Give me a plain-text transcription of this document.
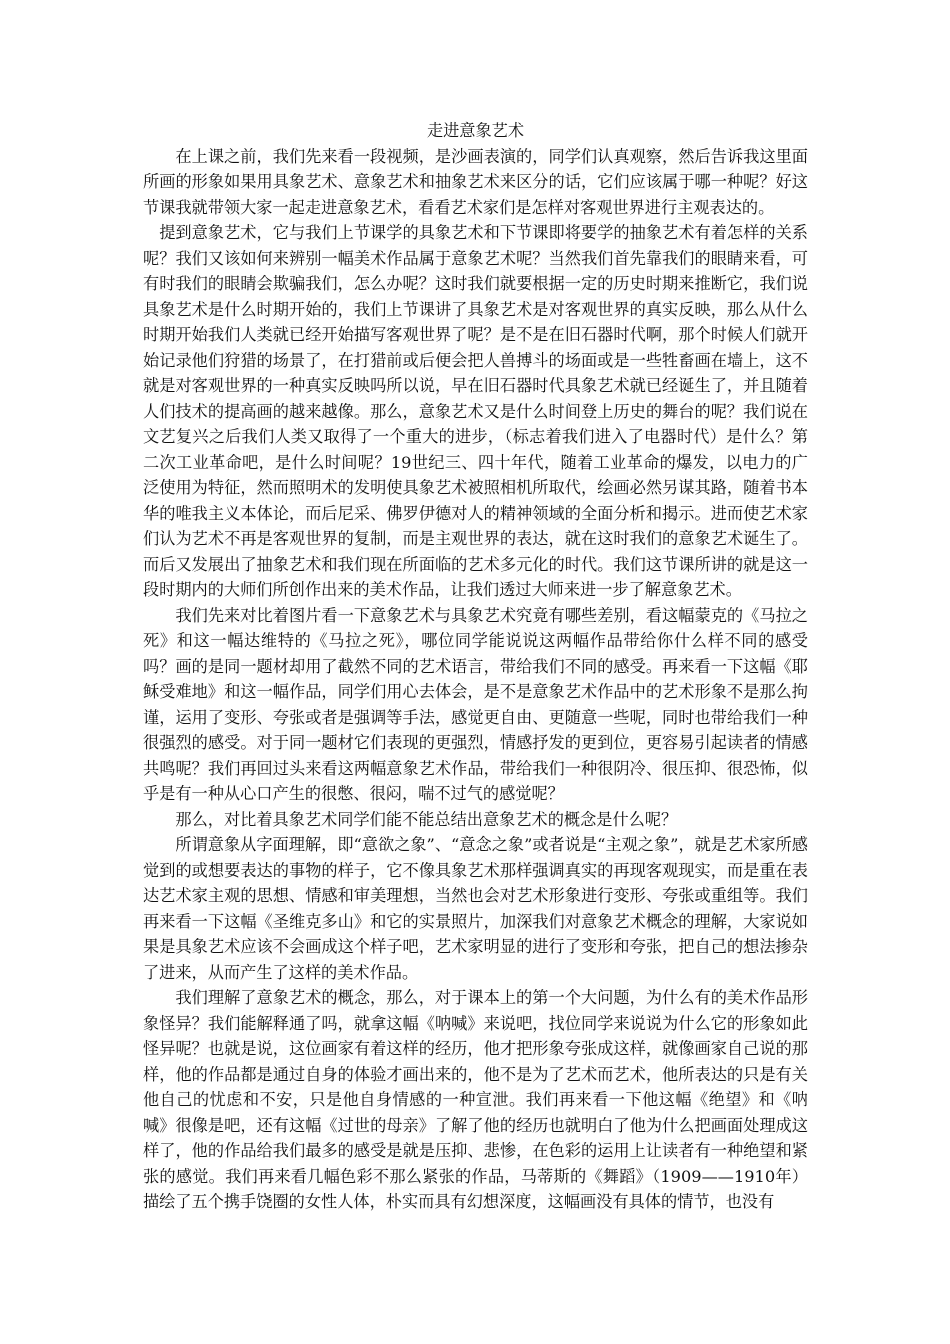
走进意象艺术

在上课之前，我们先来看一段视频，是沙画表演的，同学们认真观察，然后告诉我这里面所画的形象如果用具象艺术、意象艺术和抽象艺术来区分的话，它们应该属于哪一种呢？好这节课我就带领大家一起走进意象艺术，看看艺术家们是怎样对客观世界进行主观表达的。

提到意象艺术，它与我们上节课学的具象艺术和下节课即将要学的抽象艺术有着怎样的关系呢？我们又该如何来辨别一幅美术作品属于意象艺术呢？当然我们首先靠我们的眼睛来看，可有时我们的眼睛会欺骗我们，怎么办呢？这时我们就要根据一定的历史时期来推断它，我们说具象艺术是什么时期开始的，我们上节课讲了具象艺术是对客观世界的真实反映，那么从什么时期开始我们人类就已经开始描写客观世界了呢？是不是在旧石器时代啊，那个时候人们就开始记录他们狩猎的场景了，在打猎前或后便会把人兽搏斗的场面或是一些牲畜画在墙上，这不就是对客观世界的一种真实反映吗所以说，早在旧石器时代具象艺术就已经诞生了，并且随着人们技术的提高画的越来越像。那么，意象艺术又是什么时间登上历史的舞台的呢？我们说在文艺复兴之后我们人类又取得了一个重大的进步，（标志着我们进入了电器时代）是什么？第二次工业革命吧，是什么时间呢？19世纪三、四十年代，随着工业革命的爆发，以电力的广泛使用为特征，然而照明术的发明使具象艺术被照相机所取代，绘画必然另谋其路，随着书本华的唯我主义本体论，而后尼采、佛罗伊德对人的精神领域的全面分析和揭示。进而使艺术家们认为艺术不再是客观世界的复制，而是主观世界的表达，就在这时我们的意象艺术诞生了。而后又发展出了抽象艺术和我们现在所面临的艺术多元化的时代。我们这节课所讲的就是这一段时期内的大师们所创作出来的美术作品，让我们透过大师来进一步了解意象艺术。

我们先来对比着图片看一下意象艺术与具象艺术究竟有哪些差别，看这幅蒙克的《马拉之死》和这一幅达维特的《马拉之死》，哪位同学能说说这两幅作品带给你什么样不同的感受吗？画的是同一题材却用了截然不同的艺术语言，带给我们不同的感受。再来看一下这幅《耶稣受难地》和这一幅作品，同学们用心去体会，是不是意象艺术作品中的艺术形象不是那么拘谨，运用了变形、夸张或者是强调等手法，感觉更自由、更随意一些呢，同时也带给我们一种很强烈的感受。对于同一题材它们表现的更强烈，情感抒发的更到位，更容易引起读者的情感共鸣呢？我们再回过头来看这两幅意象艺术作品，带给我们一种很阴冷、很压抑、很恐怖，似乎是有一种从心口产生的很憋、很闷，喘不过气的感觉呢？

那么，对比着具象艺术同学们能不能总结出意象艺术的概念是什么呢？

所谓意象从字面理解，即“意欲之象”、“意念之象”或者说是“主观之象”，就是艺术家所感觉到的或想要表达的事物的样子，它不像具象艺术那样强调真实的再现客观现实，而是重在表达艺术家主观的思想、情感和审美理想，当然也会对艺术形象进行变形、夸张或重组等。我们再来看一下这幅《圣维克多山》和它的实景照片，加深我们对意象艺术概念的理解，大家说如果是具象艺术应该不会画成这个样子吧，艺术家明显的进行了变形和夸张，把自己的想法掺杂了进来，从而产生了这样的美术作品。

我们理解了意象艺术的概念，那么，对于课本上的第一个大问题，为什么有的美术作品形象怪异？我们能解释通了吗，就拿这幅《呐喊》来说吧，找位同学来说说为什么它的形象如此怪异呢？也就是说，这位画家有着这样的经历，他才把形象夸张成这样，就像画家自己说的那样，他的作品都是通过自身的体验才画出来的，他不是为了艺术而艺术，他所表达的只是有关他自己的忧虑和不安，只是他自身情感的一种宣泄。我们再来看一下他这幅《绝望》和《呐喊》很像是吧，还有这幅《过世的母亲》了解了他的经历也就明白了他为什么把画面处理成这样了，他的作品给我们最多的感受是就是压抑、悲惨，在色彩的运用上让读者有一种绝望和紧张的感觉。我们再来看几幅色彩不那么紧张的作品，马蒂斯的《舞蹈》（1909——1910年）描绘了五个携手饶圈的女性人体，朴实而具有幻想深度，这幅画没有具体的情节，也没有
